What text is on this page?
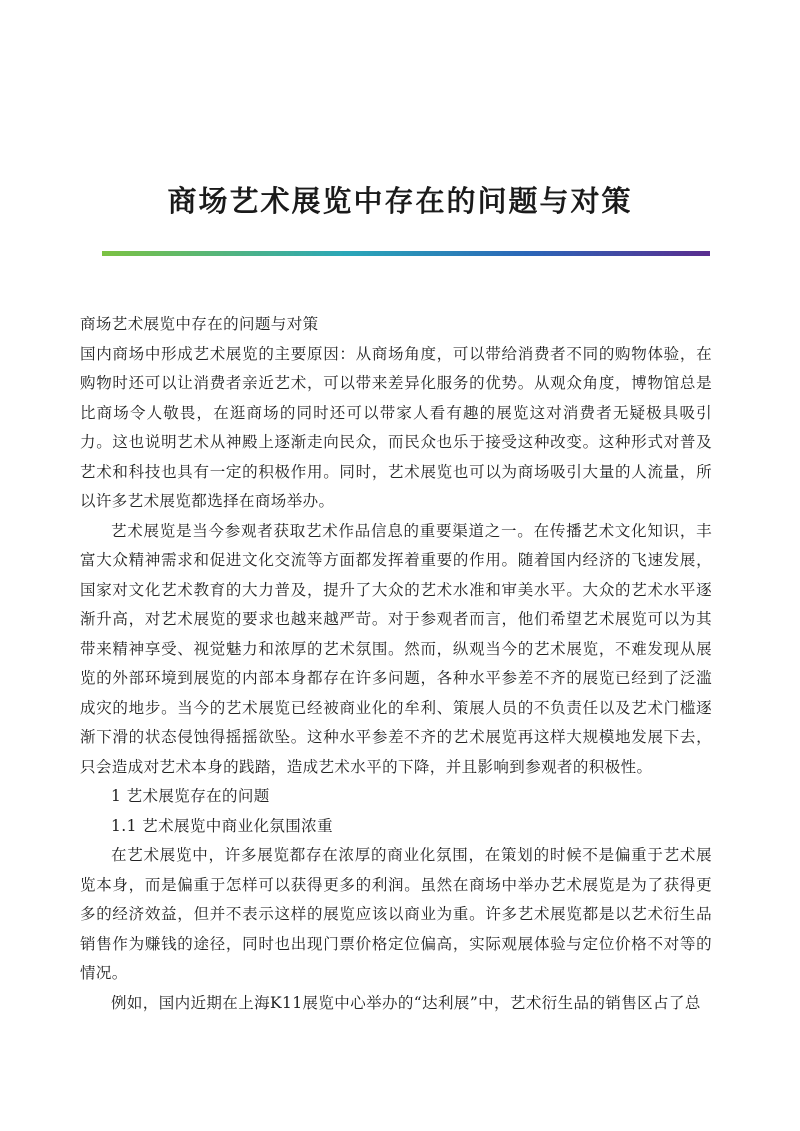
商场艺术展览中存在的问题与对策

商场艺术展览中存在的问题与对策

国内商场中形成艺术展览的主要原因：从商场角度，可以带给消费者不同的购物体验，在购物时还可以让消费者亲近艺术，可以带来差异化服务的优势。从观众角度，博物馆总是比商场令人敬畏，在逛商场的同时还可以带家人看有趣的展览这对消费者无疑极具吸引力。这也说明艺术从神殿上逐渐走向民众，而民众也乐于接受这种改变。这种形式对普及艺术和科技也具有一定的积极作用。同时，艺术展览也可以为商场吸引大量的人流量，所以许多艺术展览都选择在商场举办。

艺术展览是当今参观者获取艺术作品信息的重要渠道之一。在传播艺术文化知识，丰富大众精神需求和促进文化交流等方面都发挥着重要的作用。随着国内经济的飞速发展，国家对文化艺术教育的大力普及，提升了大众的艺术水准和审美水平。大众的艺术水平逐渐升高，对艺术展览的要求也越来越严苛。对于参观者而言，他们希望艺术展览可以为其带来精神享受、视觉魅力和浓厚的艺术氛围。然而，纵观当今的艺术展览，不难发现从展览的外部环境到展览的内部本身都存在许多问题，各种水平参差不齐的展览已经到了泛滥成灾的地步。当今的艺术展览已经被商业化的牟利、策展人员的不负责任以及艺术门槛逐渐下滑的状态侵蚀得摇摇欲坠。这种水平参差不齐的艺术展览再这样大规模地发展下去，只会造成对艺术本身的践踏，造成艺术水平的下降，并且影响到参观者的积极性。

1 艺术展览存在的问题

1.1 艺术展览中商业化氛围浓重

在艺术展览中，许多展览都存在浓厚的商业化氛围，在策划的时候不是偏重于艺术展览本身，而是偏重于怎样可以获得更多的利润。虽然在商场中举办艺术展览是为了获得更多的经济效益，但并不表示这样的展览应该以商业为重。许多艺术展览都是以艺术衍生品销售作为赚钱的途径，同时也出现门票价格定位偏高，实际观展体验与定位价格不对等的情况。

例如，国内近期在上海K11展览中心举办的“达利展”中，艺术衍生品的销售区占了总
